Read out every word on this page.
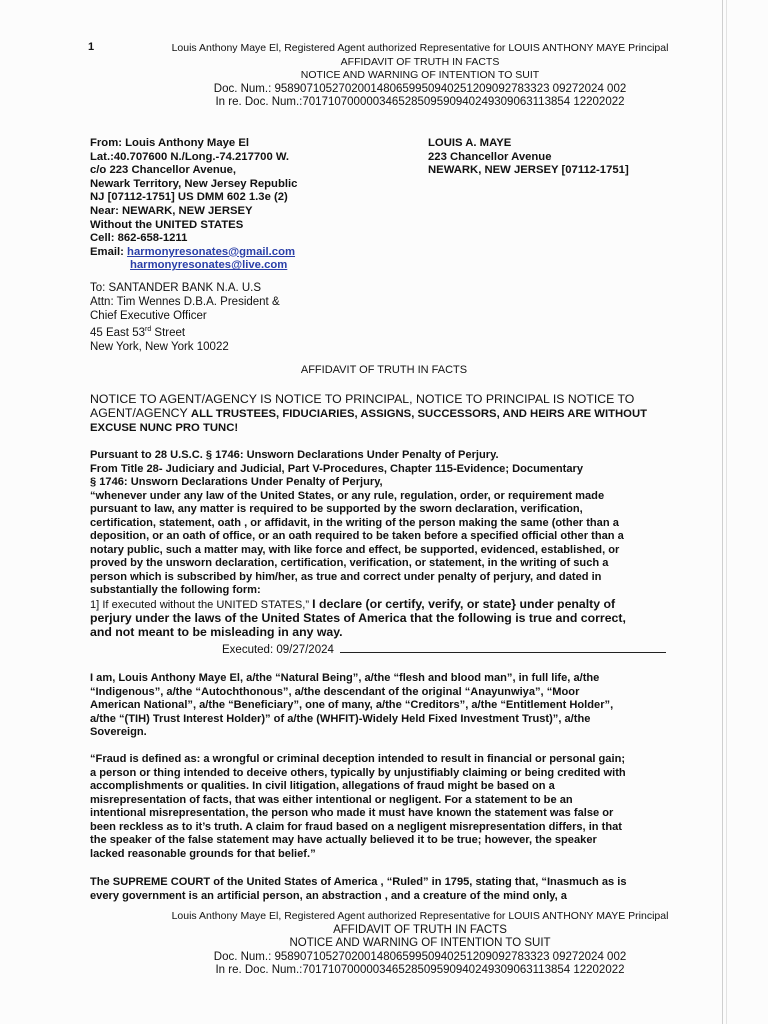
1	Louis Anthony Maye El, Registered Agent authorized Representative for LOUIS ANTHONY MAYE Principal
AFFIDAVIT OF TRUTH IN FACTS
NOTICE AND WARNING OF INTENTION TO SUIT
Doc. Num.: 9589071052702001480659950940251209092783323 09272024 002
In re. Doc. Num.:7017107000003465285095909402493090631138​54 12202022
From: Louis Anthony Maye El
Lat.:40.707600 N./Long.-74.217700 W.
c/o 223 Chancellor Avenue,
Newark Territory, New Jersey Republic
NJ [07112-1751] US DMM 602 1.3e (2)
Near: NEWARK, NEW JERSEY
Without the UNITED STATES
Cell: 862-658-1211
Email: harmonyresonates@gmail.com
harmonyresonates@live.com
LOUIS A. MAYE
223 Chancellor Avenue
NEWARK, NEW JERSEY [07112-1751]
To: SANTANDER BANK N.A. U.S
Attn: Tim Wennes D.B.A. President &
Chief Executive Officer
45 East 53rd Street
New York, New York 10022
AFFIDAVIT OF TRUTH IN FACTS
NOTICE TO AGENT/AGENCY IS NOTICE TO PRINCIPAL, NOTICE TO PRINCIPAL IS NOTICE TO
AGENT/AGENCY ALL TRUSTEES, FIDUCIARIES, ASSIGNS, SUCCESSORS, AND HEIRS ARE WITHOUT
EXCUSE NUNC PRO TUNC!
Pursuant to 28 U.S.C. § 1746: Unsworn Declarations Under Penalty of Perjury.
From Title 28- Judiciary and Judicial, Part V-Procedures, Chapter 115-Evidence; Documentary
§ 1746: Unsworn Declarations Under Penalty of Perjury,
“whenever under any law of the United States, or any rule, regulation, order, or requirement made
pursuant to law, any matter is required to be supported by the sworn declaration, verification,
certification, statement, oath , or affidavit, in the writing of the person making the same (other than a
deposition, or an oath of office, or an oath required to be taken before a specified official other than a
notary public, such a matter may, with like force and effect, be supported, evidenced, established, or
proved by the unsworn declaration, certification, verification, or statement, in the writing of such a
person which is subscribed by him/her, as true and correct under penalty of perjury, and dated in
substantially the following form:
1] If executed without the UNITED STATES,” I declare (or certify, verify, or state} under penalty of
perjury under the laws of the United States of America that the following is true and correct,
and not meant to be misleading in any way.
Executed: 09/27/2024
I am, Louis Anthony Maye El, a/the “Natural Being”, a/the “flesh and blood man”, in full life, a/the
“Indigenous”, a/the “Autochthonous”, a/the descendant of the original “Anayunwiya”, “Moor
American National”, a/the “Beneficiary”, one of many, a/the “Creditors”, a/the “Entitlement Holder”,
a/the “(TIH) Trust Interest Holder)” of a/the (WHFIT)-Widely Held Fixed Investment Trust)”, a/the
Sovereign.
“Fraud is defined as: a wrongful or criminal deception intended to result in financial or personal gain;
a person or thing intended to deceive others, typically by unjustifiably claiming or being credited with
accomplishments or qualities. In civil litigation, allegations of fraud might be based on a
misrepresentation of facts, that was either intentional or negligent. For a statement to be an
intentional misrepresentation, the person who made it must have known the statement was false or
been reckless as to it’s truth. A claim for fraud based on a negligent misrepresentation differs, in that
the speaker of the false statement may have actually believed it to be true; however, the speaker
lacked reasonable grounds for that belief.”
The SUPREME COURT of the United States of America , “Ruled” in 1795, stating that, “Inasmuch as is
every government is an artificial person, an abstraction , and a creature of the mind only, a
Louis Anthony Maye El, Registered Agent authorized Representative for LOUIS ANTHONY MAYE Principal
AFFIDAVIT OF TRUTH IN FACTS
NOTICE AND WARNING OF INTENTION TO SUIT
Doc. Num.: 9589071052702001480659950940251209092783323 09272024 002
In re. Doc. Num.:701710700000346528509590940249309063113854 12202022
